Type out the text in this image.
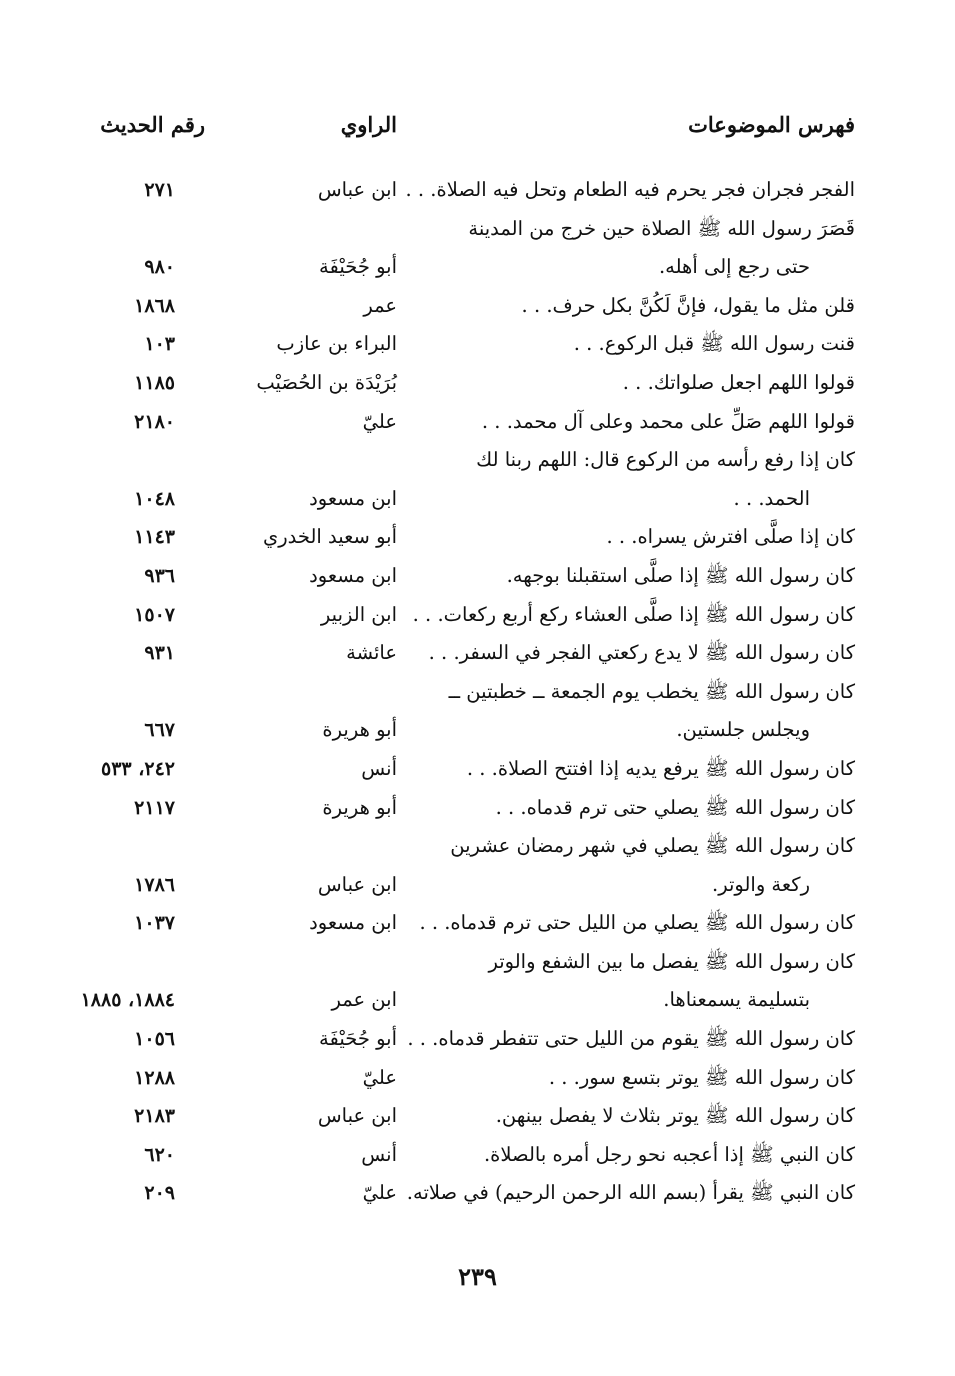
فهرس الموضوعات
الراوي
رقم الحديث
الفجر فجران فجر يحرم فيه الطعام وتحل فيه الصلاة. . .
ابن عباس
٢٧١
قَصَرَ رسول الله ﷺ الصلاة حين خرج من المدينة
حتى رجع إلى أهله.
أبو جُحَيْفَة
٩٨٠
قلن مثل ما يقول، فإنَّ لَكُنَّ بكل حرف. . .
عمر
١٨٦٨
قنت رسول الله ﷺ قبل الركوع. . .
البراء بن عازب
١٠٣
قولوا اللهم اجعل صلواتك. . .
بُرَيْدَة بن الحُصَيْب
١١٨٥
قولوا اللهم صَلِّ على محمد وعلى آل محمد. . .
عليّ
٢١٨٠
كان إذا رفع رأسه من الركوع قال: اللهم ربنا لك
الحمد. . .
ابن مسعود
١٠٤٨
كان إذا صلَّى افترش يسراه. . .
أبو سعيد الخدري
١١٤٣
كان رسول الله ﷺ إذا صلَّى استقبلنا بوجهه.
ابن مسعود
٩٣٦
كان رسول الله ﷺ إذا صلَّى العشاء ركع أربع ركعات. . .
ابن الزبير
١٥٠٧
كان رسول الله ﷺ لا يدع ركعتي الفجر في السفر. . .
عائشة
٩٣١
كان رسول الله ﷺ يخطب يوم الجمعة ــ خطبتين ــ
ويجلس جلستين.
أبو هريرة
٦٦٧
كان رسول الله ﷺ يرفع يديه إذا افتتح الصلاة. . .
أنس
٢٤٢، ٥٣٣
كان رسول الله ﷺ يصلي حتى ترم قدماه. . .
أبو هريرة
٢١١٧
كان رسول الله ﷺ يصلي في شهر رمضان عشرين
ركعة والوتر.
ابن عباس
١٧٨٦
كان رسول الله ﷺ يصلي من الليل حتى ترم قدماه. . .
ابن مسعود
١٠٣٧
كان رسول الله ﷺ يفصل ما بين الشفع والوتر
بتسليمة يسمعناها.
ابن عمر
١٨٨٤، ١٨٨٥
كان رسول الله ﷺ يقوم من الليل حتى تتفطر قدماه. . .
أبو جُحَيْفَة
١٠٥٦
كان رسول الله ﷺ يوتر بتسع سور. . .
عليّ
١٢٨٨
كان رسول الله ﷺ يوتر بثلاث لا يفصل بينهن.
ابن عباس
٢١٨٣
كان النبي ﷺ إذا أعجبه نحو رجل أمره بالصلاة.
أنس
٦٢٠
كان النبي ﷺ يقرأ (بسم الله الرحمن الرحيم) في صلاته.
عليّ
٢٠٩
٢٣٩
